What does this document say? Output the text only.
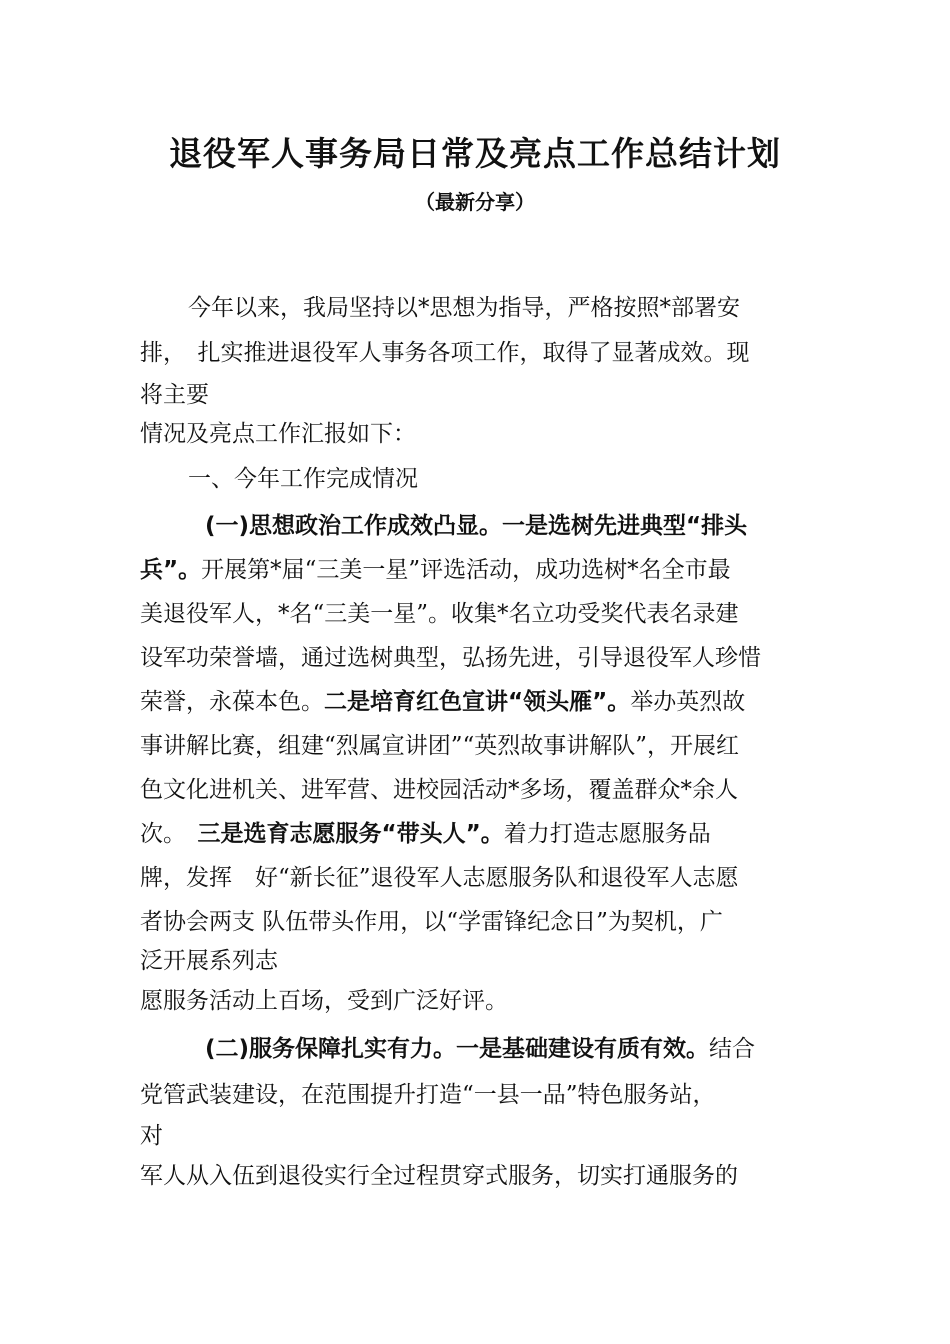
退役军人事务局日常及亮点工作总结计划
（最新分享）
今年以来，我局坚持以*思想为指导，严格按照*部署安
排，　扎实推进退役军人事务各项工作，取得了显著成效。现
将主要
情况及亮点工作汇报如下：
一、今年工作完成情况
(一)思想政治工作成效凸显。一是选树先进典型“排头
兵”。开展第*届“三美一星”评选活动，成功选树*名全市最
美退役军人，*名“三美一星”。收集*名立功受奖代表名录建
设军功荣誉墙，通过选树典型，弘扬先进，引导退役军人珍惜
荣誉，永葆本色。二是培育红色宣讲“领头雁”。举办英烈故
事讲解比赛，组建“烈属宣讲团”“英烈故事讲解队”，开展红
色文化进机关、进军营、进校园活动*多场，覆盖群众*余人
次。　三是选育志愿服务“带头人”。着力打造志愿服务品
牌，发挥　好“新长征”退役军人志愿服务队和退役军人志愿
者协会两支 队伍带头作用，以“学雷锋纪念日”为契机，广
泛开展系列志
愿服务活动上百场，受到广泛好评。
(二)服务保障扎实有力。一是基础建设有质有效。结合
党管武装建设，在范围提升打造“一县一品”特色服务站，
对
军人从入伍到退役实行全过程贯穿式服务，切实打通服务的
